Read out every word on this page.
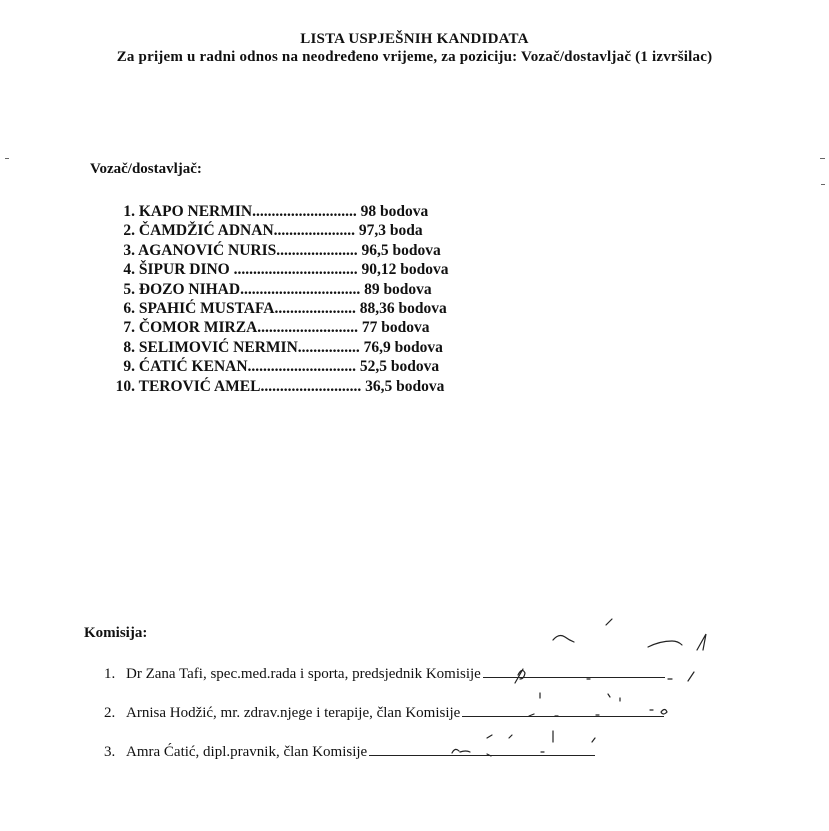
LISTA USPJEŠNIH KANDIDATA
Za prijem u radni odnos na neodređeno vrijeme, za poziciju: Vozač/dostavljač (1 izvršilac)
Vozač/dostavljač:
1. KAPO NERMIN........................... 98 bodova
2. ČAMDŽIĆ ADNAN..................... 97,3 boda
3. AGANOVIĆ NURIS..................... 96,5 bodova
4. ŠIPUR DINO ................................ 90,12 bodova
5. ĐOZO NIHAD............................... 89 bodova
6. SPAHIĆ MUSTAFA..................... 88,36 bodova
7. ČOMOR MIRZA.......................... 77 bodova
8. SELIMOVIĆ NERMIN................ 76,9 bodova
9. ĆATIĆ KENAN............................ 52,5 bodova
10. TEROVIĆ AMEL.......................... 36,5 bodova
Komisija:
1. Dr Zana Tafi, spec.med.rada i sporta, predsjednik Komisije
2. Arnisa Hodžić, mr. zdrav.njege i terapije, član Komisije
3. Amra Ćatić, dipl.pravnik, član Komisije
